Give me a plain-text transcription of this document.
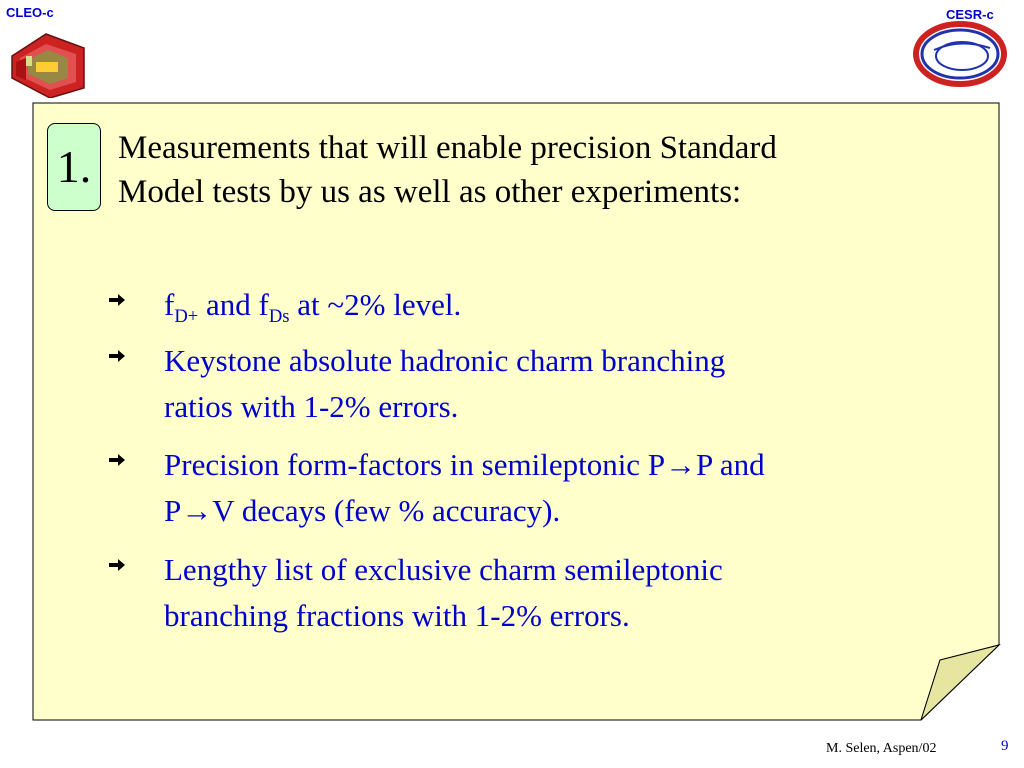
CLEO-c	CESR-c
1. Measurements that will enable precision Standard
Model tests by us as well as other experiments:
$f_{D+}$ and $f_{Ds}$ at ~2% level.
Keystone absolute hadronic charm branching
ratios with 1-2% errors.
Precision form-factors in semileptonic P→P and
P→V decays (few % accuracy).
Lengthy list of exclusive charm semileptonic
branching fractions with 1-2% errors.
M. Selen, Aspen/02	9
